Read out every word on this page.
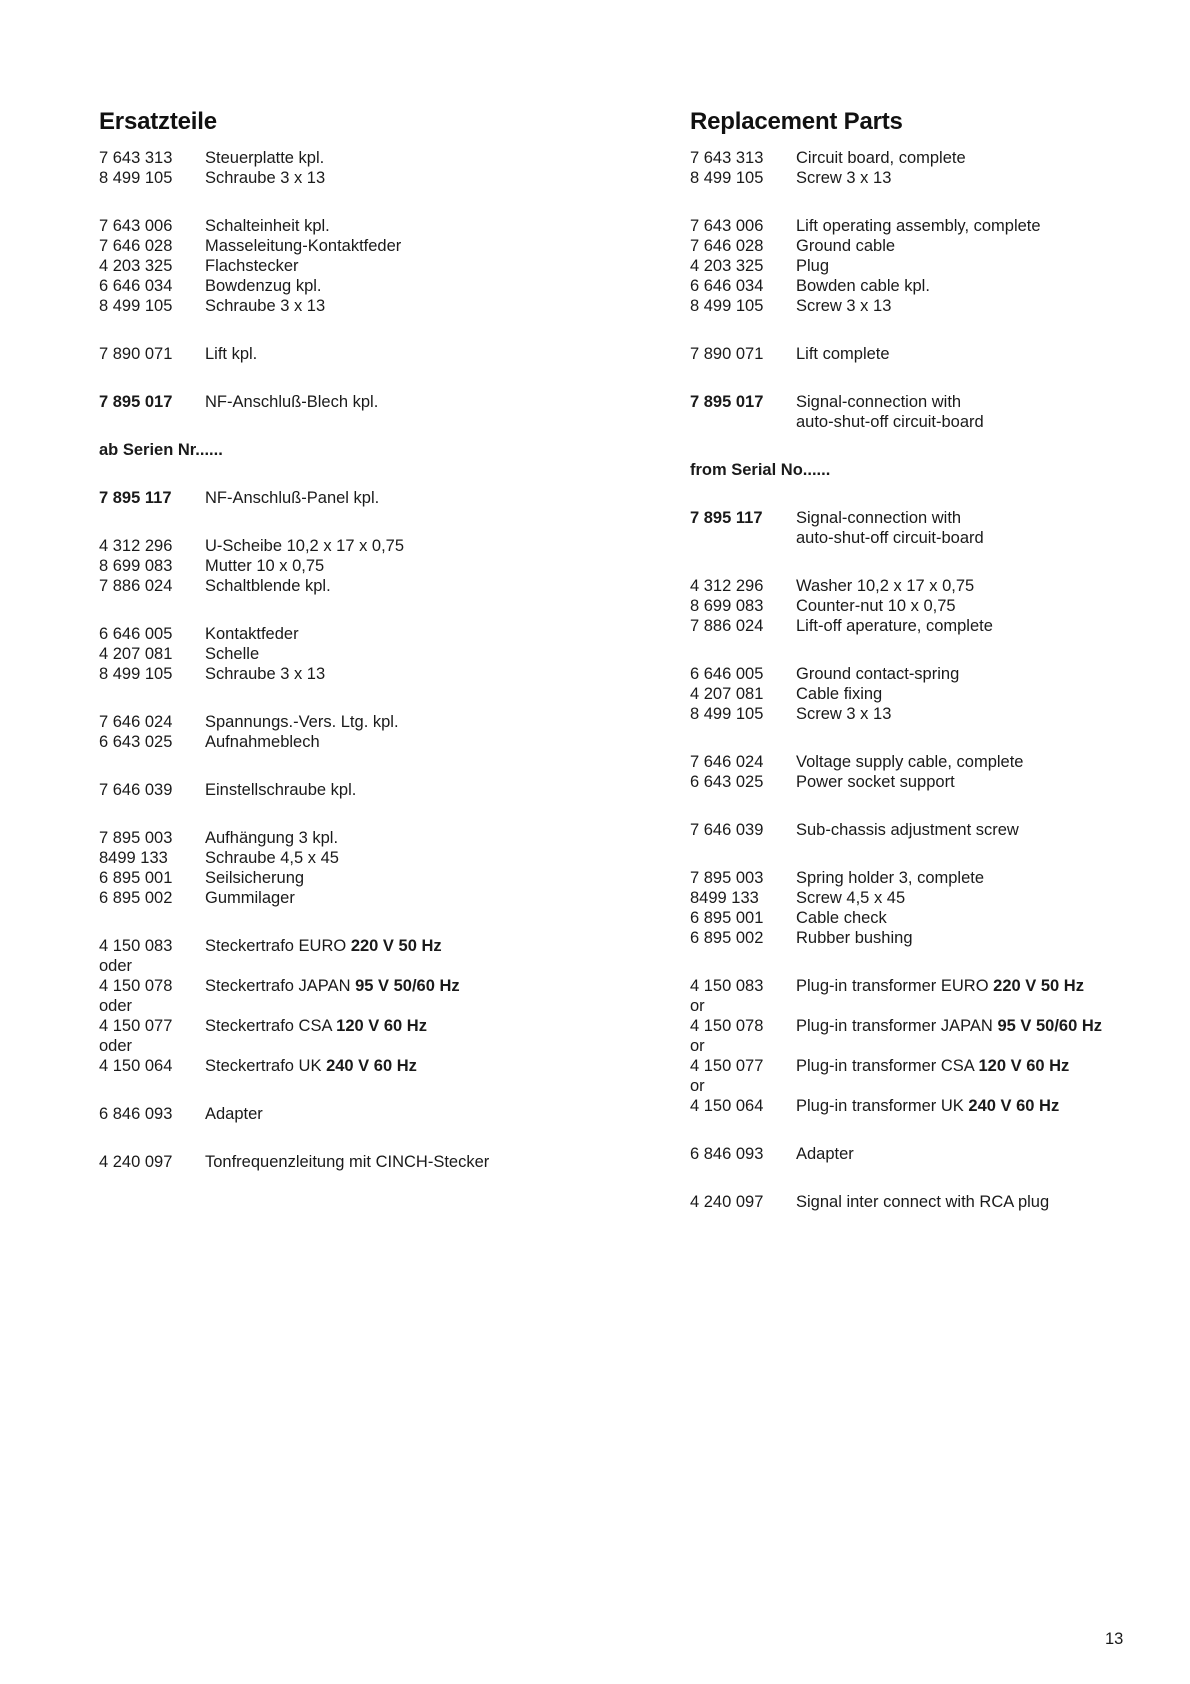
Ersatzteile
7 643 313	Steuerplatte kpl.
8 499 105	Schraube 3 x 13
7 643 006	Schalteinheit kpl.
7 646 028	Masseleitung-Kontaktfeder
4 203 325	Flachstecker
6 646 034	Bowdenzug kpl.
8 499 105	Schraube 3 x 13
7 890 071	Lift kpl.
7 895 017	NF-Anschluß-Blech kpl.
ab Serien Nr......
7 895 117	NF-Anschluß-Panel kpl.
4 312 296	U-Scheibe 10,2 x 17 x 0,75
8 699 083	Mutter 10 x 0,75
7 886 024	Schaltblende kpl.
6 646 005	Kontaktfeder
4 207 081	Schelle
8 499 105	Schraube 3 x 13
7 646 024	Spannungs.-Vers. Ltg. kpl.
6 643 025	Aufnahmeblech
7 646 039	Einstellschraube kpl.
7 895 003	Aufhängung 3 kpl.
8499 133	Schraube 4,5 x 45
6 895 001	Seilsicherung
6 895 002	Gummilager
4 150 083	Steckertrafo EURO 220 V 50 Hz
oder
4 150 078	Steckertrafo JAPAN 95 V 50/60 Hz
oder
4 150 077	Steckertrafo CSA 120 V 60 Hz
oder
4 150 064	Steckertrafo UK 240 V 60 Hz
6 846 093	Adapter
4 240 097	Tonfrequenzleitung mit CINCH-Stecker
Replacement Parts
7 643 313	Circuit board, complete
8 499 105	Screw 3 x 13
7 643 006	Lift operating assembly, complete
7 646 028	Ground cable
4 203 325	Plug
6 646 034	Bowden cable kpl.
8 499 105	Screw 3 x 13
7 890 071	Lift complete
7 895 017	Signal-connection with
auto-shut-off circuit-board
from Serial No......
7 895 117	Signal-connection with
auto-shut-off circuit-board
4 312 296	Washer 10,2 x 17 x 0,75
8 699 083	Counter-nut 10 x 0,75
7 886 024	Lift-off aperature, complete
6 646 005	Ground contact-spring
4 207 081	Cable fixing
8 499 105	Screw 3 x 13
7 646 024	Voltage supply cable, complete
6 643 025	Power socket support
7 646 039	Sub-chassis adjustment screw
7 895 003	Spring holder 3, complete
8499 133	Screw 4,5 x 45
6 895 001	Cable check
6 895 002	Rubber bushing
4 150 083	Plug-in transformer EURO 220 V 50 Hz
or
4 150 078	Plug-in transformer JAPAN 95 V 50/60 Hz
or
4 150 077	Plug-in transformer CSA 120 V 60 Hz
or
4 150 064	Plug-in transformer UK 240 V 60 Hz
6 846 093	Adapter
4 240 097	Signal inter connect with RCA plug
13
